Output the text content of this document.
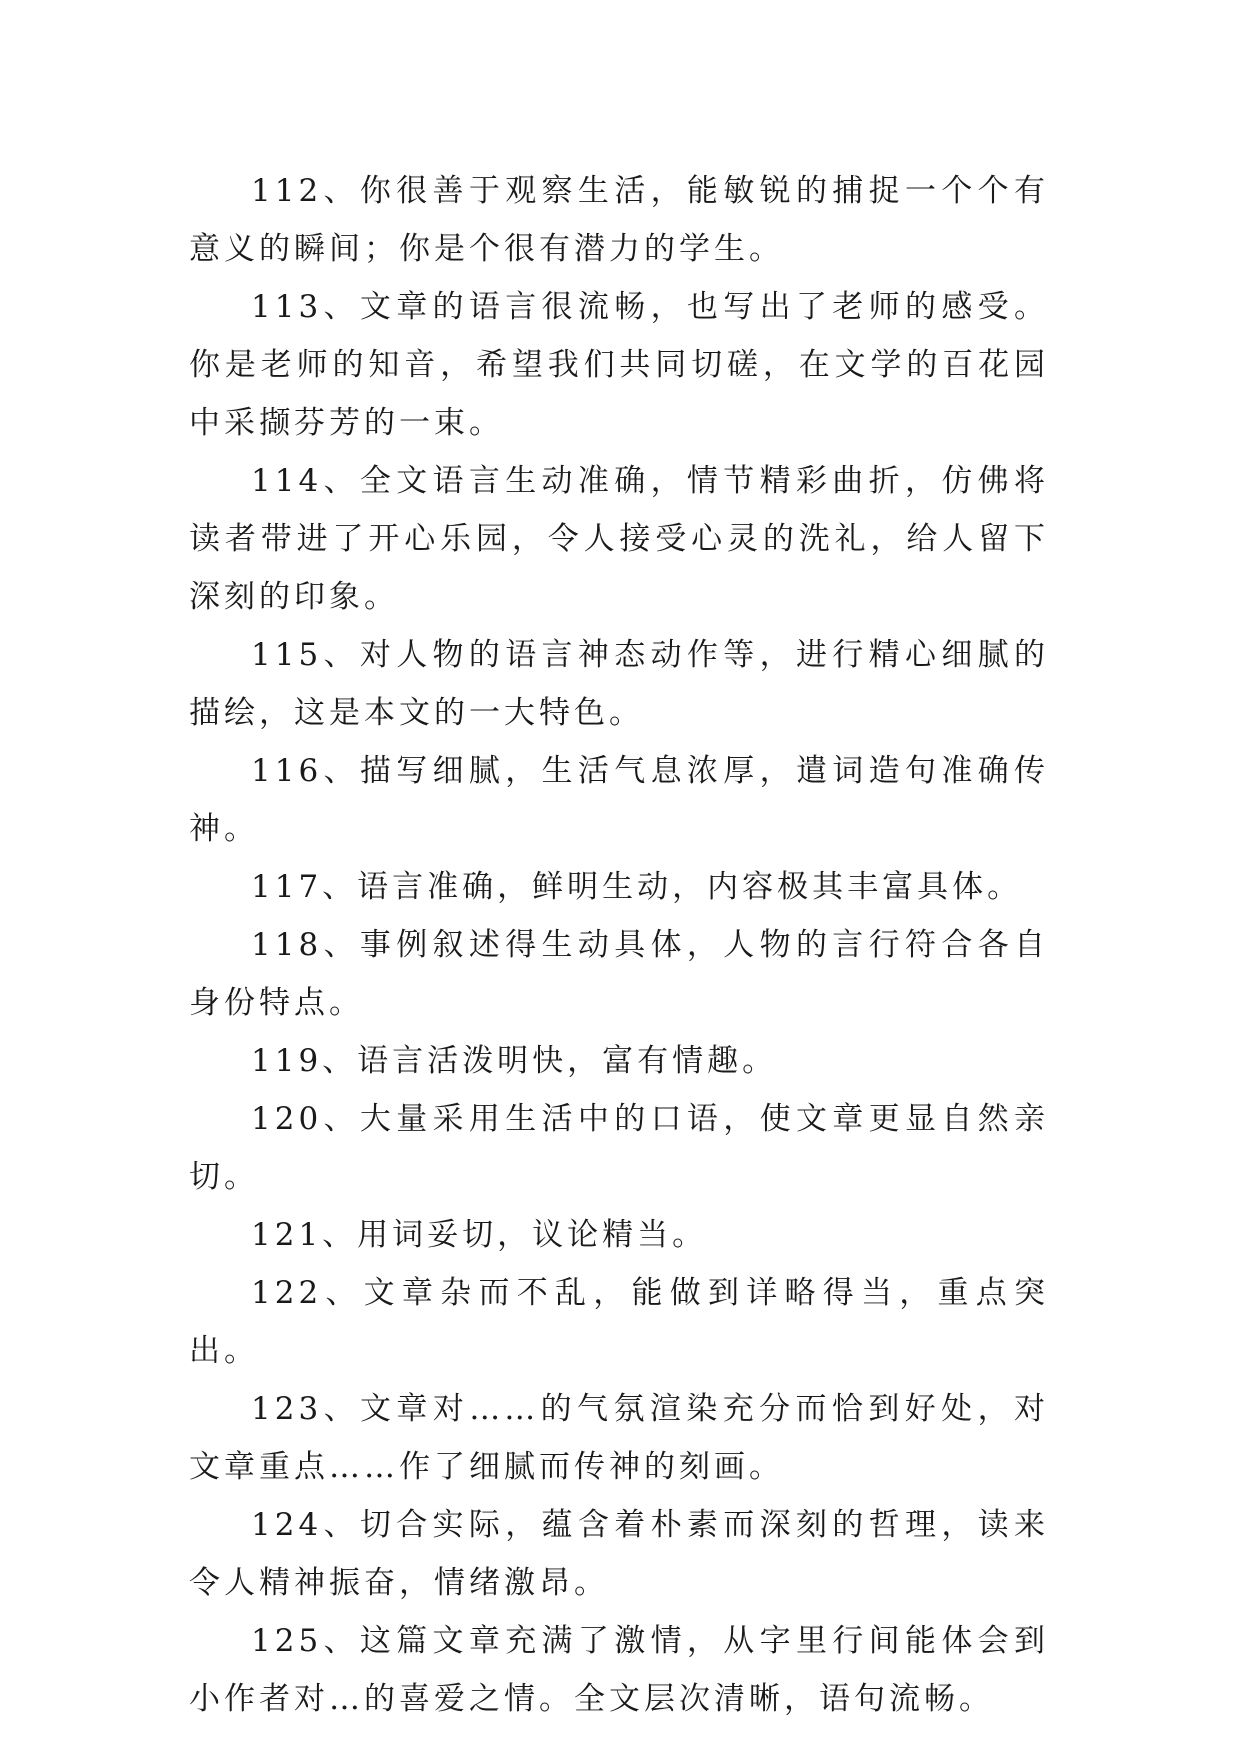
112、你很善于观察生活，能敏锐的捕捉一个个有意义的瞬间；你是个很有潜力的学生。

113、文章的语言很流畅，也写出了老师的感受。你是老师的知音，希望我们共同切磋，在文学的百花园中采撷芬芳的一束。

114、全文语言生动准确，情节精彩曲折，仿佛将读者带进了开心乐园，令人接受心灵的洗礼，给人留下深刻的印象。

115、对人物的语言神态动作等，进行精心细腻的描绘，这是本文的一大特色。

116、描写细腻，生活气息浓厚，遣词造句准确传神。

117、语言准确，鲜明生动，内容极其丰富具体。

118、事例叙述得生动具体，人物的言行符合各自身份特点。

119、语言活泼明快，富有情趣。

120、大量采用生活中的口语，使文章更显自然亲切。

121、用词妥切，议论精当。

122、文章杂而不乱，能做到详略得当，重点突出。

123、文章对……的气氛渲染充分而恰到好处，对文章重点……作了细腻而传神的刻画。

124、切合实际，蕴含着朴素而深刻的哲理，读来令人精神振奋，情绪激昂。

125、这篇文章充满了激情，从字里行间能体会到小作者对…的喜爱之情。全文层次清晰，语句流畅。
